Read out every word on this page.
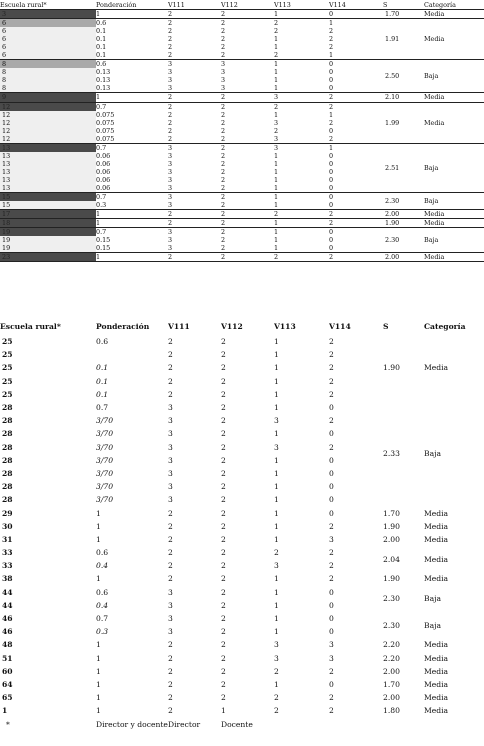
Escuela rural*	Ponderación	V111	V112	V113	V114	S	Categoría
3	1	2	2	1	0	1.70	Media
6	0.6	2	2	2	1	1.91	Media
6	0.1	2	2	2	2		
6	0.1	2	2	1	2		
6	0.1	2	2	1	2		
6	0.1	2	2	2	1		
8	0.6	3	3	1	0	2.50	Baja
8	0.13	3	3	1	0		
8	0.13	3	3	1	0		
8	0.13	3	3	1	0		
9	1	2	2	3	2	2.10	Media
12	0.7	2	2	2	2	1.99	Media
12	0.075	2	2	1	1		
12	0.075	2	2	3	2		
12	0.075	2	2	2	0		
12	0.075	2	2	3	2		
13	0.7	3	2	3	1	2.51	Baja
13	0.06	3	2	1	0		
13	0.06	3	2	1	0		
13	0.06	3	2	1	0		
13	0.06	3	2	1	0		
13	0.06	3	2	1	0		
15	0.7	3	2	1	0	2.30	Baja
15	0.3	3	2	1	0		
17	1	2	2	2	2	2.00	Media
18	1	2	2	1	2	1.90	Media
19	0.7	3	2	1	0	2.30	Baja
19	0.15	3	2	1	0		
19	0.15	3	2	1	0		
23	1	2	2	2	2	2.00	Media
Escuela rural*	Ponderación	V111	V112	V113	V114	S	Categoría
25	0.6	2	2	1	2	1.90	Media
25		2	2	1	2		
25	0.1	2	2	1	2		
25	0.1	2	2	1	2		
25	0.1	2	2	1	2		
28	0.7	3	2	1	0	2.33	Baja
28	3/70	3	2	3	2		
28	3/70	3	2	1	0		
28	3/70	3	2	3	2		
28	3/70	3	2	1	0		
28	3/70	3	2	1	0		
28	3/70	3	2	1	0		
28	3/70	3	2	1	0		
29	1	2	2	1	0	1.70	Media
30	1	2	2	1	2	1.90	Media
31	1	2	2	1	3	2.00	Media
33	0.6	2	2	2	2	2.04	Media
33	0.4	2	2	3	2		
38	1	2	2	1	2	1.90	Media
44	0.6	3	2	1	0	2.30	Baja
44	0.4	3	2	1	0		
46	0.7	3	2	1	0	2.30	Baja
46	0.3	3	2	1	0		
48	1	2	2	3	3	2.20	Media
51	1	2	2	3	3	2.20	Media
60	1	2	2	2	2	2.00	Media
64	1	2	2	1	0	1.70	Media
65	1	2	2	2	2	2.00	Media
1	1	2	1	2	2	1.80	Media
*	Director y docente	Director	Docente				
